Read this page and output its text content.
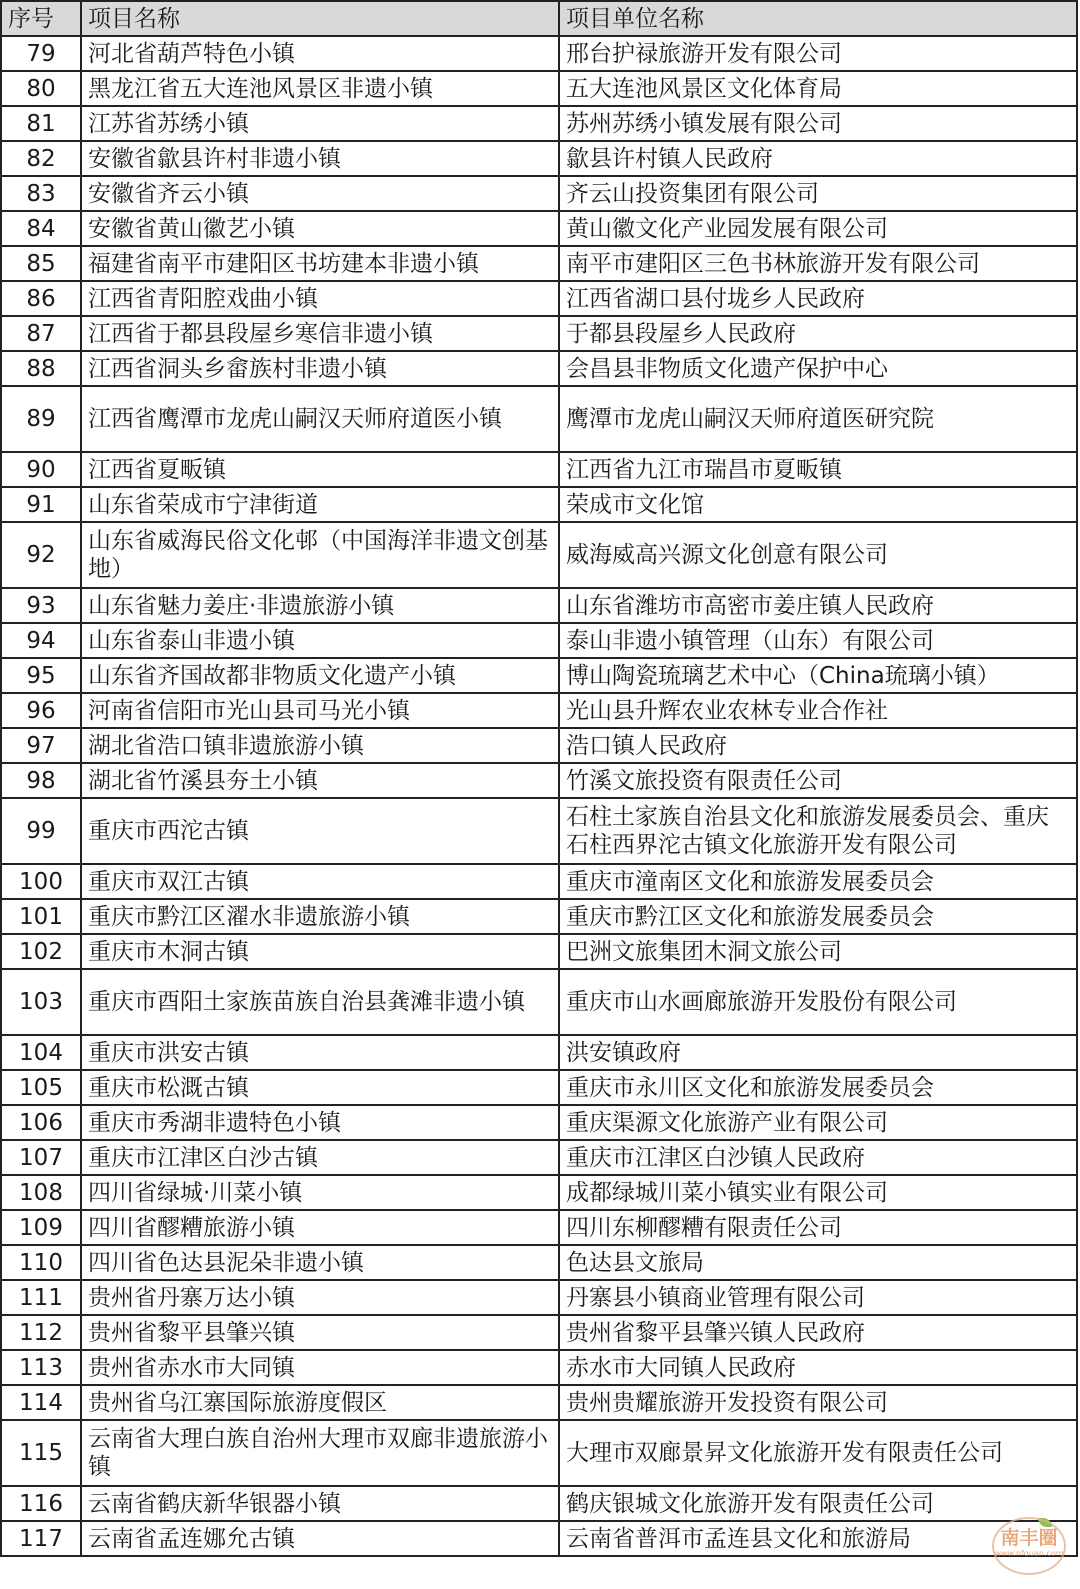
序号	项目名称	项目单位名称
79	河北省葫芦特色小镇	邢台护禄旅游开发有限公司
80	黑龙江省五大连池风景区非遗小镇	五大连池风景区文化体育局
81	江苏省苏绣小镇	苏州苏绣小镇发展有限公司
82	安徽省歙县许村非遗小镇	歙县许村镇人民政府
83	安徽省齐云小镇	齐云山投资集团有限公司
84	安徽省黄山徽艺小镇	黄山徽文化产业园发展有限公司
85	福建省南平市建阳区书坊建本非遗小镇	南平市建阳区三色书林旅游开发有限公司
86	江西省青阳腔戏曲小镇	江西省湖口县付垅乡人民政府
87	江西省于都县段屋乡寒信非遗小镇	于都县段屋乡人民政府
88	江西省洞头乡畲族村非遗小镇	会昌县非物质文化遗产保护中心
89	江西省鹰潭市龙虎山嗣汉天师府道医小镇	鹰潭市龙虎山嗣汉天师府道医研究院
90	江西省夏畈镇	江西省九江市瑞昌市夏畈镇
91	山东省荣成市宁津街道	荣成市文化馆
92	山东省威海民俗文化邨（中国海洋非遗文创基地）	威海威高兴源文化创意有限公司
93	山东省魅力姜庄·非遗旅游小镇	山东省潍坊市高密市姜庄镇人民政府
94	山东省泰山非遗小镇	泰山非遗小镇管理（山东）有限公司
95	山东省齐国故都非物质文化遗产小镇	博山陶瓷琉璃艺术中心（China琉璃小镇）
96	河南省信阳市光山县司马光小镇	光山县升辉农业农林专业合作社
97	湖北省浩口镇非遗旅游小镇	浩口镇人民政府
98	湖北省竹溪县夯土小镇	竹溪文旅投资有限责任公司
99	重庆市西沱古镇	石柱土家族自治县文化和旅游发展委员会、重庆石柱西界沱古镇文化旅游开发有限公司
100	重庆市双江古镇	重庆市潼南区文化和旅游发展委员会
101	重庆市黔江区濯水非遗旅游小镇	重庆市黔江区文化和旅游发展委员会
102	重庆市木洞古镇	巴洲文旅集团木洞文旅公司
103	重庆市酉阳土家族苗族自治县龚滩非遗小镇	重庆市山水画廊旅游开发股份有限公司
104	重庆市洪安古镇	洪安镇政府
105	重庆市松溉古镇	重庆市永川区文化和旅游发展委员会
106	重庆市秀湖非遗特色小镇	重庆渠源文化旅游产业有限公司
107	重庆市江津区白沙古镇	重庆市江津区白沙镇人民政府
108	四川省绿城·川菜小镇	成都绿城川菜小镇实业有限公司
109	四川省醪糟旅游小镇	四川东柳醪糟有限责任公司
110	四川省色达县泥朵非遗小镇	色达县文旅局
111	贵州省丹寨万达小镇	丹寨县小镇商业管理有限公司
112	贵州省黎平县肇兴镇	贵州省黎平县肇兴镇人民政府
113	贵州省赤水市大同镇	赤水市大同镇人民政府
114	贵州省乌江寨国际旅游度假区	贵州贵耀旅游开发投资有限公司
115	云南省大理白族自治州大理市双廊非遗旅游小镇	大理市双廊景昇文化旅游开发有限责任公司
116	云南省鹤庆新华银器小镇	鹤庆银城文化旅游开发有限责任公司
117	云南省孟连娜允古镇	云南省普洱市孟连县文化和旅游局	南丰圈
www.nfquan.com
